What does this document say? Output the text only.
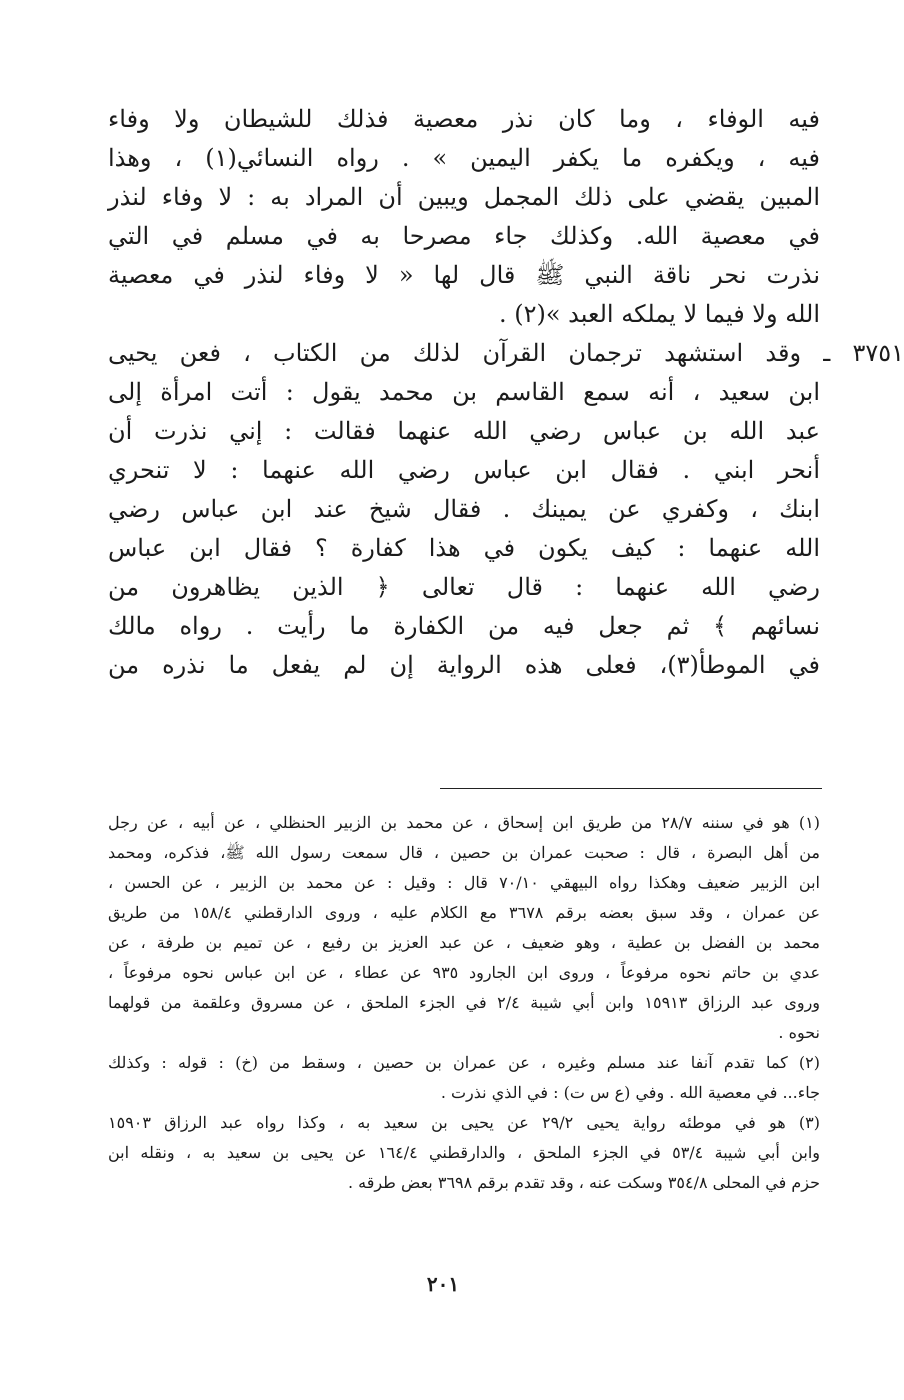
فيه الوفاء ، وما كان نذر معصية فذلك للشيطان ولا وفاء
فيه ، ويكفره ما يكفر اليمين » . رواه النسائي(١) ، وهذا
المبين يقضي على ذلك المجمل ويبين أن المراد به : لا وفاء لنذر
في معصية الله. وكذلك جاء مصرحا به في مسلم في التي
نذرت نحر ناقة النبي ﷺ قال لها « لا وفاء لنذر في معصية
الله ولا فيما لا يملكه العبد »(٢) .
٣٧٥١ ـ وقد استشهد ترجمان القرآن لذلك من الكتاب ، فعن يحيى
ابن سعيد ، أنه سمع القاسم بن محمد يقول : أتت امرأة إلى
عبد الله بن عباس رضي الله عنهما فقالت : إني نذرت أن
أنحر ابني . فقال ابن عباس رضي الله عنهما : لا تنحري
ابنك ، وكفري عن يمينك . فقال شيخ عند ابن عباس رضي
الله عنهما : كيف يكون في هذا كفارة ؟ فقال ابن عباس
رضي الله عنهما : قال تعالى ﴿ الذين يظاهرون من
نسائهم ﴾ ثم جعل فيه من الكفارة ما رأيت . رواه مالك
في الموطأ(٣)، فعلى هذه الرواية إن لم يفعل ما نذره من
(١) هو في سننه ٢٨/٧ من طريق ابن إسحاق ، عن محمد بن الزبير الحنظلي ، عن أبيه ، عن رجل
من أهل البصرة ، قال : صحبت عمران بن حصين ، قال سمعت رسول الله ﷺ، فذكره، ومحمد
ابن الزبير ضعيف وهكذا رواه البيهقي ٧٠/١٠ قال : وقيل : عن محمد بن الزبير ، عن الحسن ،
عن عمران ، وقد سبق بعضه برقم ٣٦٧٨ مع الكلام عليه ، وروى الدارقطني ١٥٨/٤ من طريق
محمد بن الفضل بن عطية ، وهو ضعيف ، عن عبد العزيز بن رفيع ، عن تميم بن طرفة ، عن
عدي بن حاتم نحوه مرفوعاً ، وروى ابن الجارود ٩٣٥ عن عطاء ، عن ابن عباس نحوه مرفوعاً ،
وروى عبد الرزاق ١٥٩١٣ وابن أبي شيبة ٢/٤ في الجزء الملحق ، عن مسروق وعلقمة من قولهما
نحوه .
(٢) كما تقدم آنفا عند مسلم وغيره ، عن عمران بن حصين ، وسقط من (خ) : قوله : وكذلك
جاء... في معصية الله . وفي (ع س ت) : في الذي نذرت .
(٣) هو في موطئه رواية يحيى ٢٩/٢ عن يحيى بن سعيد به ، وكذا رواه عبد الرزاق ١٥٩٠٣
وابن أبي شيبة ٥٣/٤ في الجزء الملحق ، والدارقطني ١٦٤/٤ عن يحيى بن سعيد به ، ونقله ابن
حزم في المحلى ٣٥٤/٨ وسكت عنه ، وقد تقدم برقم ٣٦٩٨ بعض طرقه .
٢٠١
